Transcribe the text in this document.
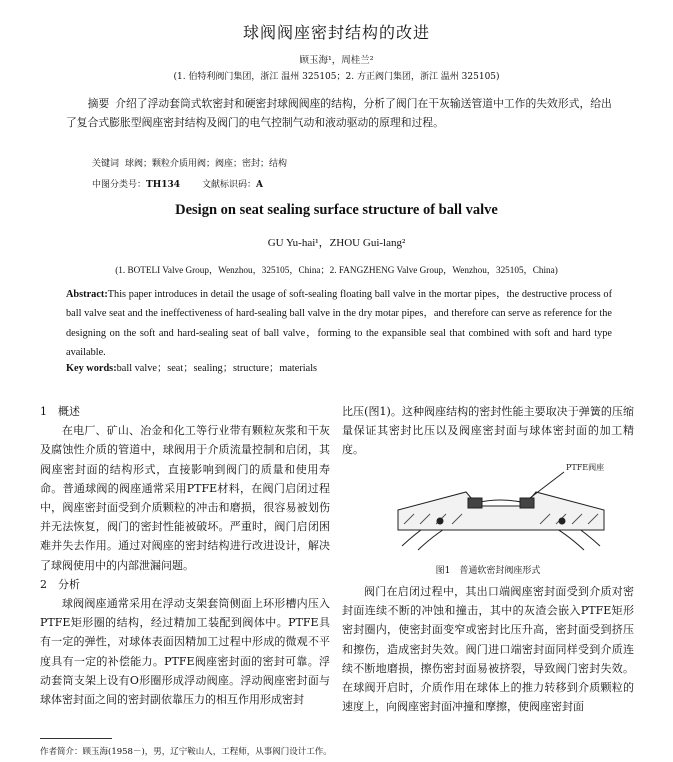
球阀阀座密封结构的改进
顾玉海¹，周桂兰²
(1. 伯特利阀门集团，浙江 温州 325105；2. 方正阀门集团，浙江 温州 325105)
摘要 介绍了浮动套筒式软密封和硬密封球阀阀座的结构，分析了阀门在干灰输送管道中工作的失效形式，给出了复合式膨胀型阀座密封结构及阀门的电气控制气动和液动驱动的原理和过程。
关键词 球阀；颗粒介质用阀；阀座；密封；结构
中图分类号：TH134 文献标识码：A
Design on seat sealing surface structure of ball valve
GU Yu-hai¹，ZHOU Gui-lang²
(1. BOTELI Valve Group，Wenzhou，325105，China；2. FANGZHENG Valve Group，Wenzhou，325105，China)
Abstract:This paper introduces in detail the usage of soft-sealing floating ball valve in the mortar pipes，the destructive process of ball valve seat and the ineffectiveness of hard-sealing ball valve in the dry motar pipes，and therefore can serve as reference for the designing on the soft and hard-sealing seat of ball valve，forming to the expansible seal that combined with soft and hard type available.
Key words:ball valve；seat；sealing；structure；materials
1　概述
在电厂、矿山、冶金和化工等行业带有颗粒灰浆和干灰及腐蚀性介质的管道中，球阀用于介质流量控制和启闭，其阀座密封面的结构形式，直接影响到阀门的质量和使用寿命。普通球阀的阀座通常采用PTFE材料，在阀门启闭过程中，阀座密封面受到介质颗粒的冲击和磨损，很容易被划伤并无法恢复，阀门的密封性能被破坏。严重时，阀门启闭困难并失去作用。通过对阀座的密封结构进行改进设计，解决了球阀使用中的内部泄漏问题。
2　分析
球阀阀座通常采用在浮动支架套筒侧面上环形槽内压入PTFE矩形圈的结构，经过精加工装配到阀体中。PTFE具有一定的弹性，对球体表面因精加工过程中形成的微观不平度具有一定的补偿能力。PTFE阀座密封面的密封可靠。浮动套筒支架上设有O形圈形成浮动阀座。浮动阀座密封面与球体密封面之间的密封副依靠压力的相互作用形成密封
比压(图1)。这种阀座结构的密封性能主要取决于弹簧的压缩量保证其密封比压以及阀座密封面与球体密封面的加工精度。
PTFE阀座
图1　普通软密封阀座形式
阀门在启闭过程中，其出口端阀座密封面受到介质对密封面连续不断的冲蚀和撞击，其中的灰渣会嵌入PTFE矩形密封圈内，使密封面变窄或密封比压升高，密封面受到挤压和擦伤，造成密封失效。阀门进口端密封面同样受到介质连续不断地磨损，擦伤密封面易被挤裂，导致阀门密封失效。在球阀开启时，介质作用在球体上的推力转移到介质颗粒的速度上，向阀座密封面冲撞和摩擦，使阀座密封面
作者简介：顾玉海(1958－)，男，辽宁鞍山人，工程师，从事阀门设计工作。
